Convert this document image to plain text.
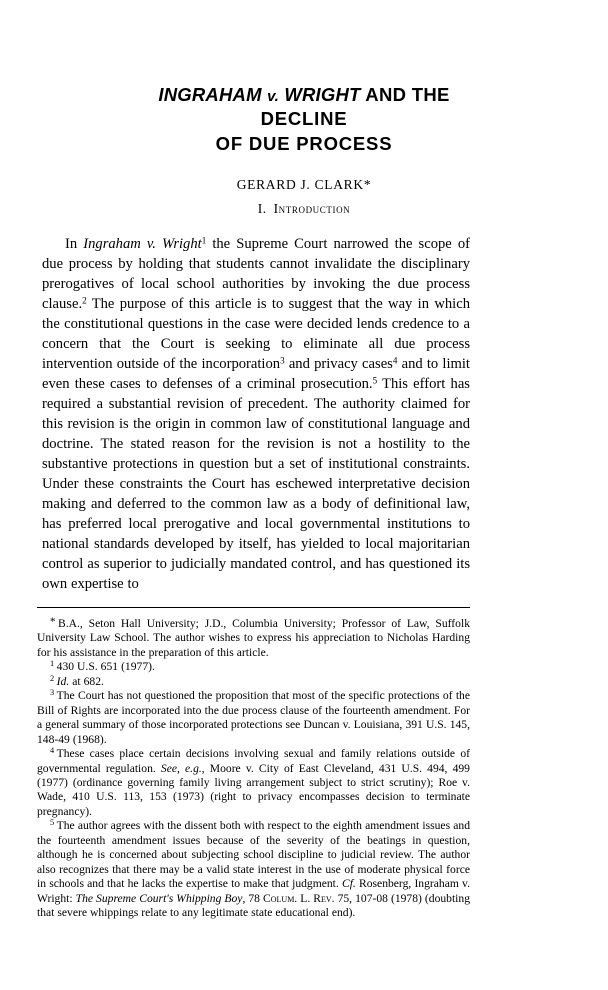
INGRAHAM v. WRIGHT AND THE
DECLINE
OF DUE PROCESS
GERARD J. CLARK*
I. Introduction

In Ingraham v. Wright$^1$ the Supreme Court narrowed the scope of due process by holding that students cannot invalidate the disciplinary prerogatives of local school authorities by invoking the due process clause.$^2$ The purpose of this article is to suggest that the way in which the constitutional questions in the case were decided lends credence to a concern that the Court is seeking to eliminate all due process intervention outside of the incorporation$^3$ and privacy cases$^4$ and to limit even these cases to defenses of a criminal prosecution.$^5$ This effort has required a substantial revision of precedent. The authority claimed for this revision is the origin in common law of constitutional language and doctrine. The stated reason for the revision is not a hostility to the substantive protections in question but a set of institutional constraints. Under these constraints the Court has eschewed interpretative decision making and deferred to the common law as a body of definitional law, has preferred local prerogative and local governmental institutions to national standards developed by itself, has yielded to local majoritarian control as superior to judicially mandated control, and has questioned its own expertise to

* B.A., Seton Hall University; J.D., Columbia University; Professor of Law, Suffolk University Law School. The author wishes to express his appreciation to Nicholas Harding for his assistance in the preparation of this article.

$^1$ 430 U.S. 651 (1977).

$^2$ Id. at 682.

$^3$ The Court has not questioned the proposition that most of the specific protections of the Bill of Rights are incorporated into the due process clause of the fourteenth amendment. For a general summary of those incorporated protections see Duncan v. Louisiana, 391 U.S. 145, 148-49 (1968).

$^4$ These cases place certain decisions involving sexual and family relations outside of governmental regulation. See, e.g., Moore v. City of East Cleveland, 431 U.S. 494, 499 (1977) (ordinance governing family living arrangement subject to strict scrutiny); Roe v. Wade, 410 U.S. 113, 153 (1973) (right to privacy encompasses decision to terminate pregnancy).

$^5$ The author agrees with the dissent both with respect to the eighth amendment issues and the fourteenth amendment issues because of the severity of the beatings in question, although he is concerned about subjecting school discipline to judicial review. The author also recognizes that there may be a valid state interest in the use of moderate physical force in schools and that he lacks the expertise to make that judgment. Cf. Rosenberg, Ingraham v. Wright: The Supreme Court's Whipping Boy, 78 Colum. L. Rev. 75, 107-08 (1978) (doubting that severe whippings relate to any legitimate state educational end).
